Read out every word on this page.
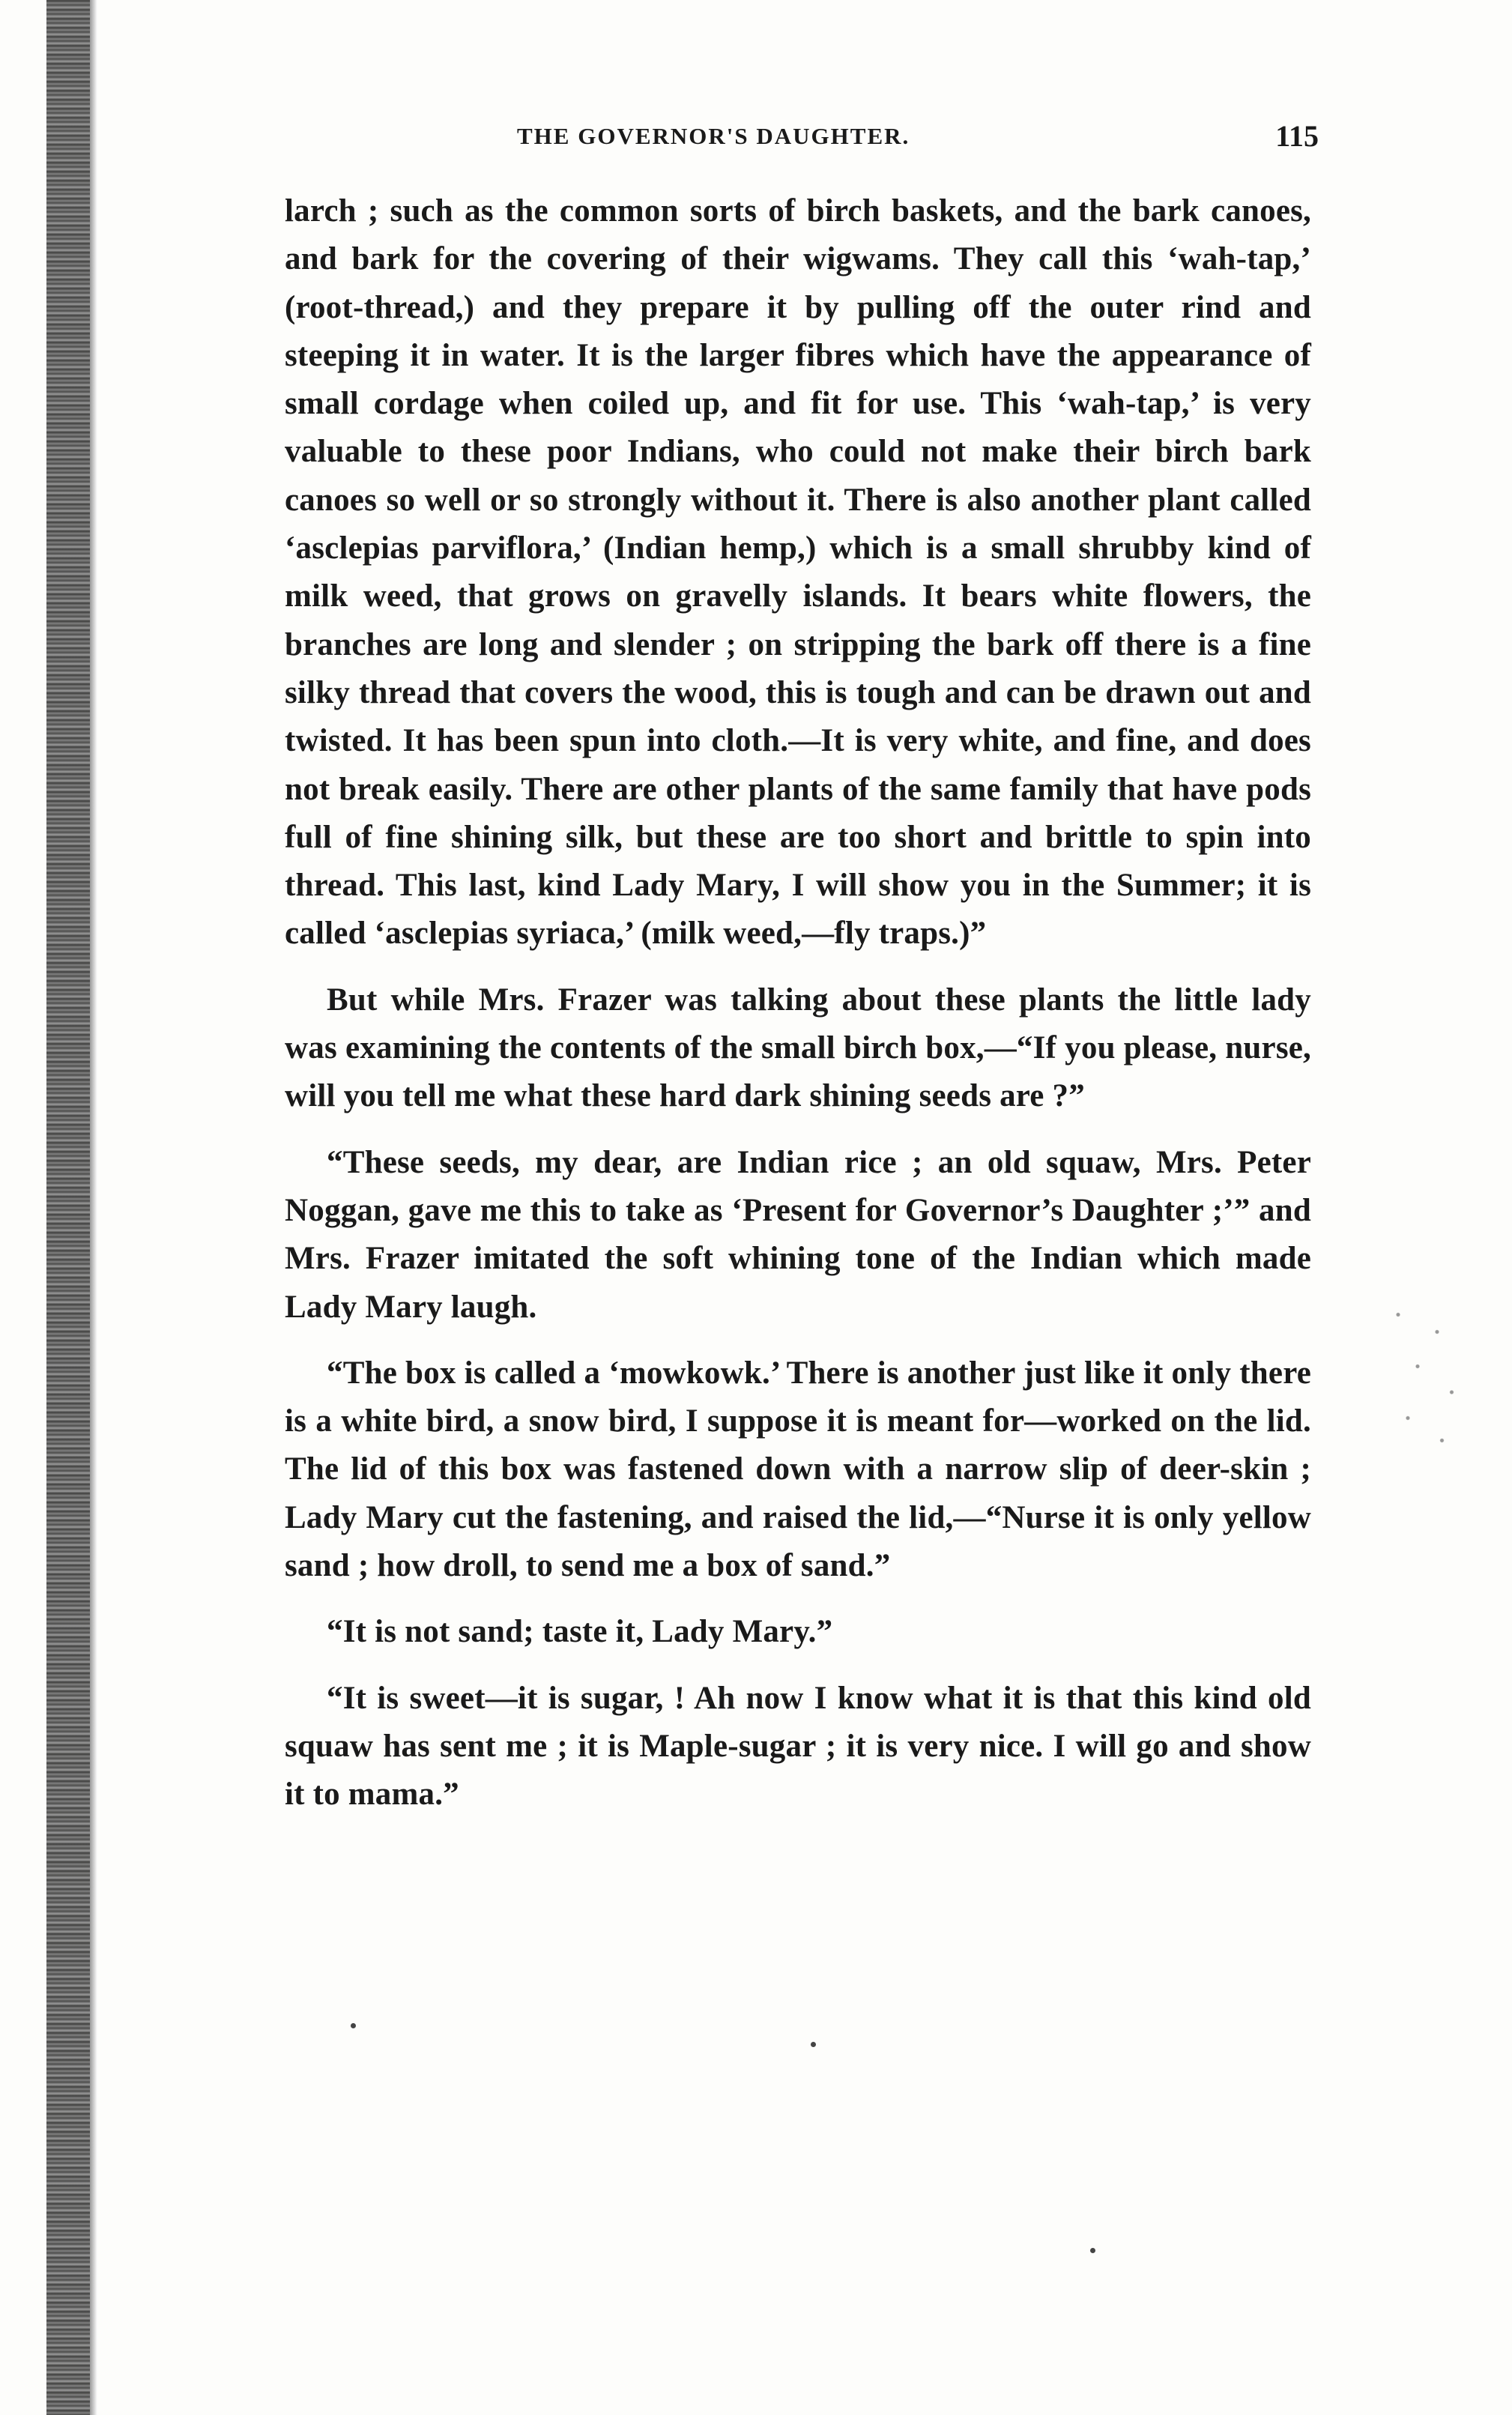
THE GOVERNOR'S DAUGHTER.	115

larch ; such as the common sorts of birch baskets, and the bark canoes, and bark for the covering of their wigwams. They call this ‘wah-tap,’ (root-thread,) and they prepare it by pulling off the outer rind and steeping it in water. It is the larger fibres which have the appearance of small cordage when coiled up, and fit for use. This ‘wah-tap,’ is very valuable to these poor Indians, who could not make their birch bark canoes so well or so strongly without it. There is also another plant called ‘asclepias parviflora,’ (Indian hemp,) which is a small shrubby kind of milk weed, that grows on gravelly islands. It bears white flowers, the branches are long and slender ; on stripping the bark off there is a fine silky thread that covers the wood, this is tough and can be drawn out and twisted. It has been spun into cloth.—It is very white, and fine, and does not break easily. There are other plants of the same family that have pods full of fine shining silk, but these are too short and brittle to spin into thread. This last, kind Lady Mary, I will show you in the Summer; it is called ‘asclepias syriaca,’ (milk weed,—fly traps.)”

But while Mrs. Frazer was talking about these plants the little lady was examining the contents of the small birch box,—“If you please, nurse, will you tell me what these hard dark shining seeds are ?”

“These seeds, my dear, are Indian rice ; an old squaw, Mrs. Peter Noggan, gave me this to take as ‘Present for Governor’s Daughter ;’” and Mrs. Frazer imitated the soft whining tone of the Indian which made Lady Mary laugh.

“The box is called a ‘mowkowk.’ There is another just like it only there is a white bird, a snow bird, I suppose it is meant for—worked on the lid. The lid of this box was fastened down with a narrow slip of deer-skin ; Lady Mary cut the fastening, and raised the lid,—“Nurse it is only yellow sand ; how droll, to send me a box of sand.”

“It is not sand; taste it, Lady Mary.”

“It is sweet—it is sugar, ! Ah now I know what it is that this kind old squaw has sent me ; it is Maple-sugar ; it is very nice. I will go and show it to mama.”
